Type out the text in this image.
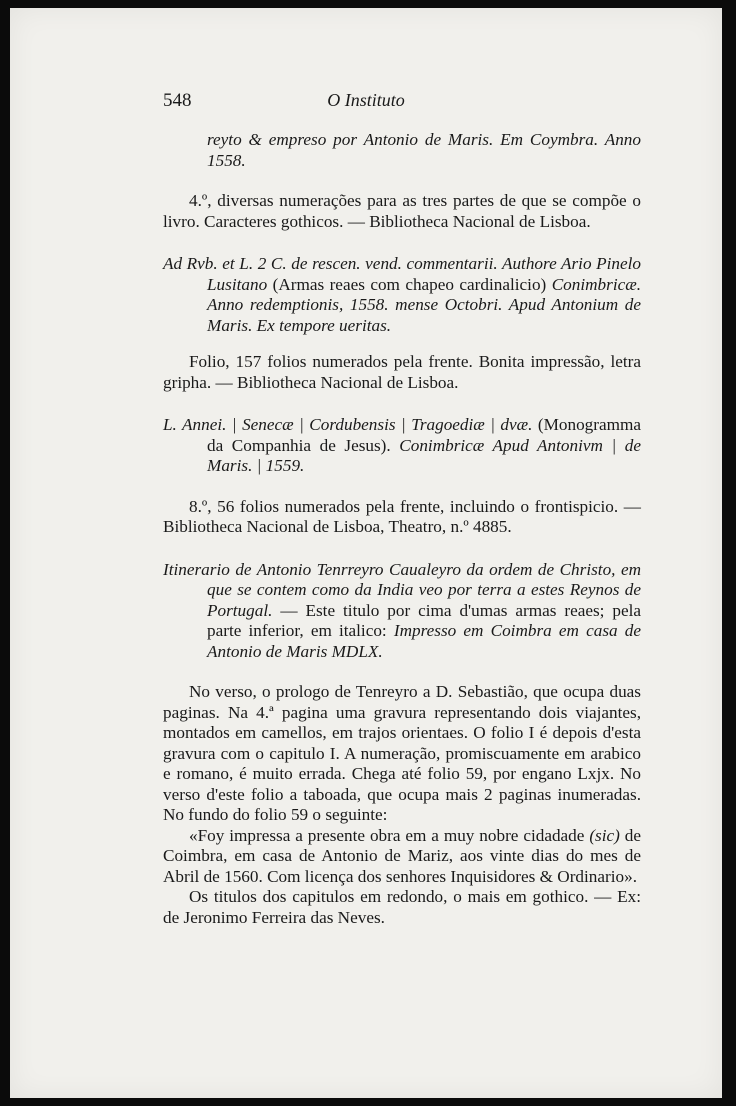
548	O Instituto

reyto & empreso por Antonio de Maris. Em Coymbra. Anno 1558.

4.º, diversas numerações para as tres partes de que se compõe o livro. Caracteres gothicos. — Bibliotheca Nacional de Lisboa.

Ad Rvb. et L. 2 C. de rescen. vend. commentarii. Authore Ario Pinelo Lusitano (Armas reaes com chapeo cardinalicio) Conimbricæ. Anno redemptionis, 1558. mense Octobri. Apud Antonium de Maris. Ex tempore ueritas.

Folio, 157 folios numerados pela frente. Bonita impressão, letra gripha. — Bibliotheca Nacional de Lisboa.

L. Annei. | Senecæ | Cordubensis | Tragoediæ | dvæ. (Monogramma da Companhia de Jesus). Conimbricæ Apud Antonivm | de Maris. | 1559.

8.º, 56 folios numerados pela frente, incluindo o frontispicio. — Bibliotheca Nacional de Lisboa, Theatro, n.º 4885.

Itinerario de Antonio Tenrreyro Caualeyro da ordem de Christo, em que se contem como da India veo por terra a estes Reynos de Portugal. — Este titulo por cima d'umas armas reaes; pela parte inferior, em italico: Impresso em Coimbra em casa de Antonio de Maris MDLX.

No verso, o prologo de Tenreyro a D. Sebastião, que ocupa duas paginas. Na 4.ª pagina uma gravura representando dois viajantes, montados em camellos, em trajos orientaes. O folio I é depois d'esta gravura com o capitulo I. A numeração, promiscuamente em arabico e romano, é muito errada. Chega até folio 59, por engano Lxjx. No verso d'este folio a taboada, que ocupa mais 2 paginas inumeradas. No fundo do folio 59 o seguinte:

«Foy impressa a presente obra em a muy nobre cidadade (sic) de Coimbra, em casa de Antonio de Mariz, aos vinte dias do mes de Abril de 1560. Com licença dos senhores Inquisidores & Ordinario».

Os titulos dos capitulos em redondo, o mais em gothico. — Ex: de Jeronimo Ferreira das Neves.
